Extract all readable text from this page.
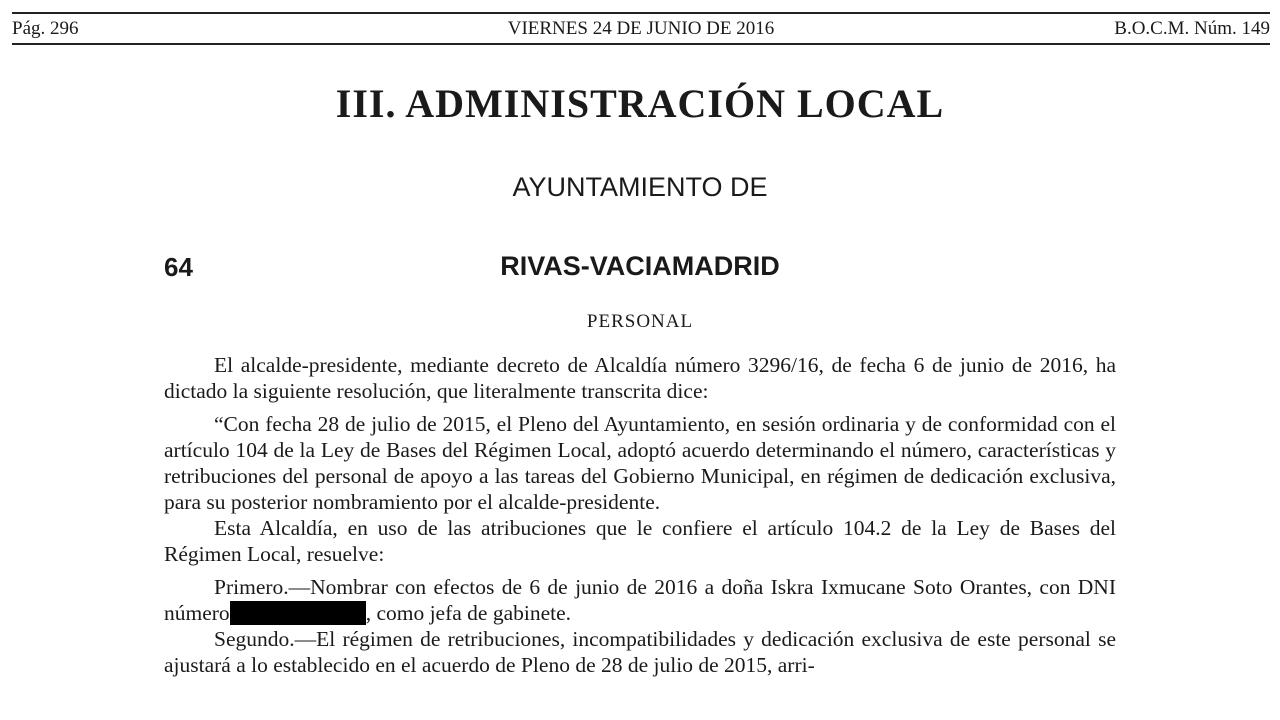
Pág. 296	VIERNES 24 DE JUNIO DE 2016	B.O.C.M. Núm. 149
III. ADMINISTRACIÓN LOCAL
AYUNTAMIENTO DE
64	RIVAS-VACIAMADRID
PERSONAL

El alcalde-presidente, mediante decreto de Alcaldía número 3296/16, de fecha 6 de junio de 2016, ha dictado la siguiente resolución, que literalmente transcrita dice:

“Con fecha 28 de julio de 2015, el Pleno del Ayuntamiento, en sesión ordinaria y de conformidad con el artículo 104 de la Ley de Bases del Régimen Local, adoptó acuerdo determinando el número, características y retribuciones del personal de apoyo a las tareas del Gobierno Municipal, en régimen de dedicación exclusiva, para su posterior nombramiento por el alcalde-presidente.

Esta Alcaldía, en uso de las atribuciones que le confiere el artículo 104.2 de la Ley de Bases del Régimen Local, resuelve:

Primero.—Nombrar con efectos de 6 de junio de 2016 a doña Iskra Ixmucane Soto Orantes, con DNI número	, como jefa de gabinete.

Segundo.—El régimen de retribuciones, incompatibilidades y dedicación exclusiva de este personal se ajustará a lo establecido en el acuerdo de Pleno de 28 de julio de 2015, arri-
